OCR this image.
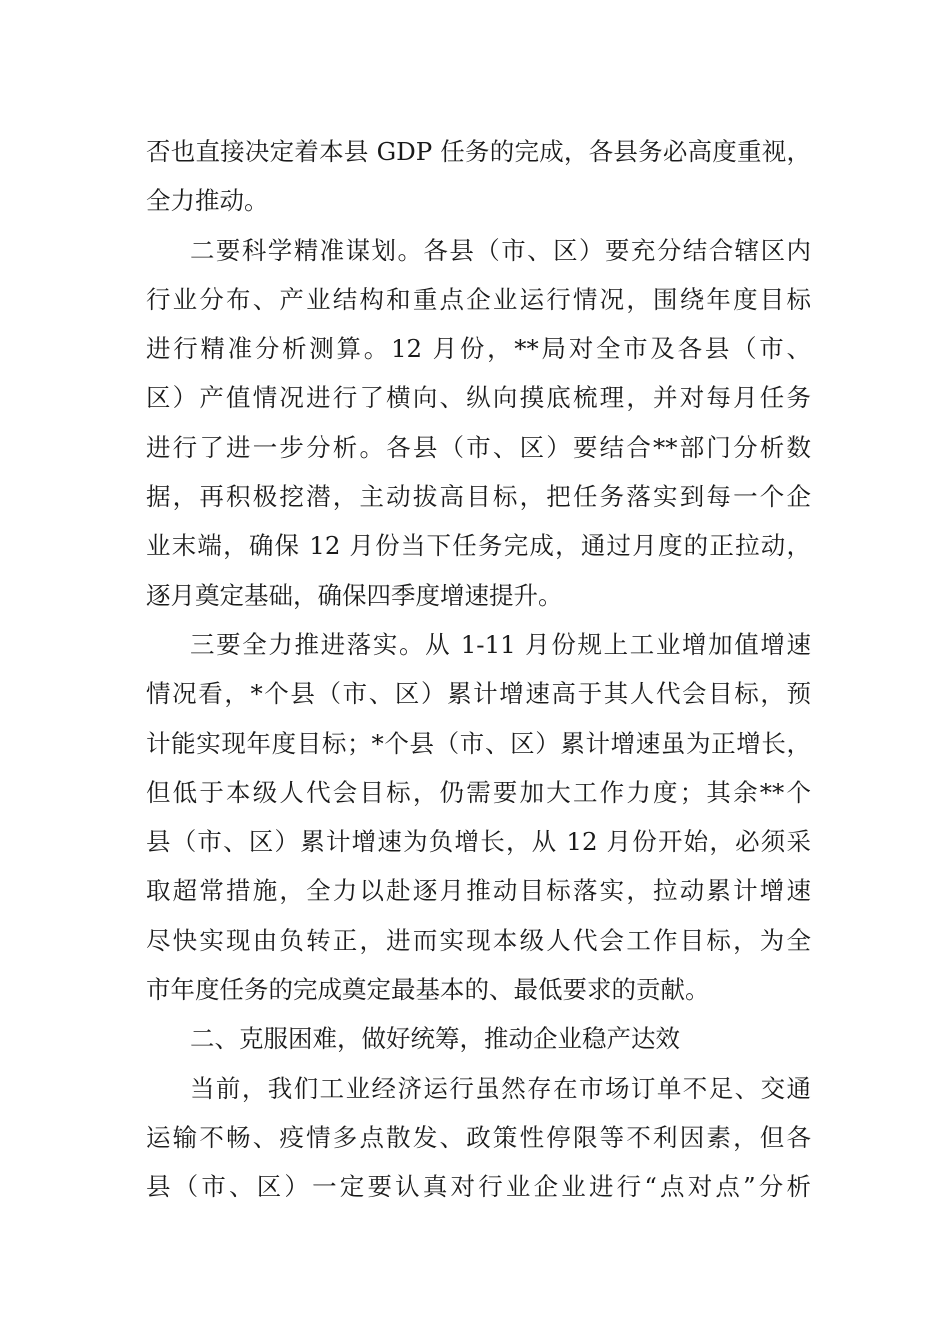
否也直接决定着本县 GDP 任务的完成，各县务必高度重视，
全力推动。
二要科学精准谋划。各县（市、区）要充分结合辖区内
行业分布、产业结构和重点企业运行情况，围绕年度目标
进行精准分析测算。12 月份，**局对全市及各县（市、
区）产值情况进行了横向、纵向摸底梳理，并对每月任务
进行了进一步分析。各县（市、区）要结合**部门分析数
据，再积极挖潜，主动拔高目标，把任务落实到每一个企
业末端，确保 12 月份当下任务完成，通过月度的正拉动，
逐月奠定基础，确保四季度增速提升。
三要全力推进落实。从 1-11 月份规上工业增加值增速
情况看，*个县（市、区）累计增速高于其人代会目标，预
计能实现年度目标；*个县（市、区）累计增速虽为正增长，
但低于本级人代会目标，仍需要加大工作力度；其余**个
县（市、区）累计增速为负增长，从 12 月份开始，必须采
取超常措施，全力以赴逐月推动目标落实，拉动累计增速
尽快实现由负转正，进而实现本级人代会工作目标，为全
市年度任务的完成奠定最基本的、最低要求的贡献。
二、克服困难，做好统筹，推动企业稳产达效
当前，我们工业经济运行虽然存在市场订单不足、交通
运输不畅、疫情多点散发、政策性停限等不利因素，但各
县（市、区）一定要认真对行业企业进行“点对点”分析
